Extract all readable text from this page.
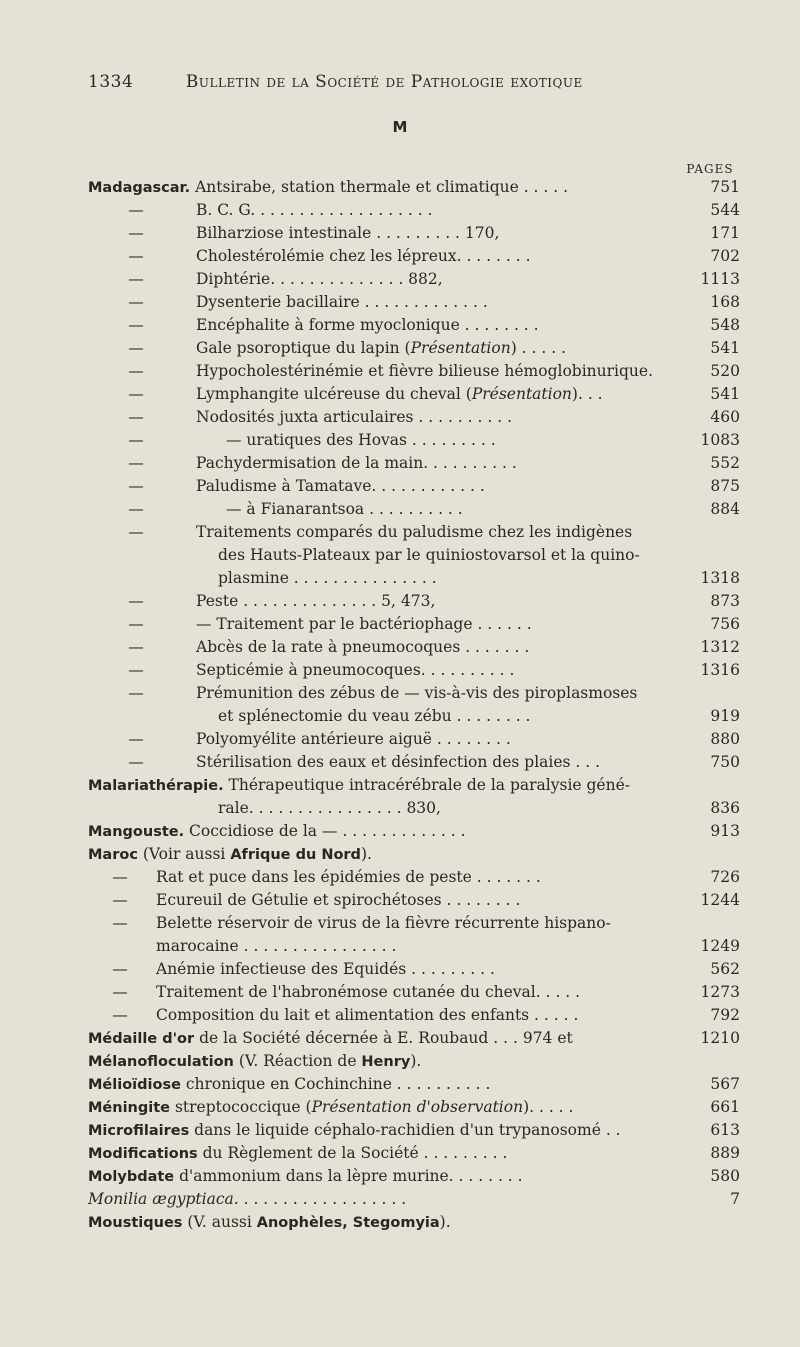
1334	Bulletin de la Société de Pathologie exotique
M
PAGES
Madagascar. Antsirabe, station thermale et climatique . . . . .	751
—	B. C. G. . . . . . . . . . . . . . . . . . .	544
—	Bilharziose intestinale . . . . . . . . . 170,	171
—	Cholestérolémie chez les lépreux. . . . . . . .	702
—	Diphtérie. . . . . . . . . . . . . . 882,	1113
—	Dysenterie bacillaire . . . . . . . . . . . . .	168
—	Encéphalite à forme myoclonique . . . . . . . .	548
—	Gale psoroptique du lapin (Présentation) . . . . .	541
—	Hypocholestérinémie et fièvre bilieuse hémoglobinurique.	520
—	Lymphangite ulcéreuse du cheval (Présentation). . .	541
—	Nodosités juxta articulaires . . . . . . . . . .	460
—	— uratiques des Hovas . . . . . . . . .	1083
—	Pachydermisation de la main. . . . . . . . . .	552
—	Paludisme à Tamatave. . . . . . . . . . . .	875
—	— à Fianarantsoa . . . . . . . . . .	884
—	Traitements comparés du paludisme chez les indigènes
des Hauts-Plateaux par le quiniostovarsol et la quino-
plasmine . . . . . . . . . . . . . . .	1318
—	Peste . . . . . . . . . . . . . . 5, 473,	873
—	— Traitement par le bactériophage . . . . . .	756
—	Abcès de la rate à pneumocoques . . . . . . .	1312
—	Septicémie à pneumocoques. . . . . . . . . .	1316
—	Prémunition des zébus de — vis-à-vis des piroplasmoses
et splénectomie du veau zébu . . . . . . . .	919
—	Polyomyélite antérieure aiguë . . . . . . . .	880
—	Stérilisation des eaux et désinfection des plaies . . .	750
Malariathérapie. Thérapeutique intracérébrale de la paralysie géné-
rale. . . . . . . . . . . . . . . . 830,	836
Mangouste. Coccidiose de la — . . . . . . . . . . . . .	913
Maroc (Voir aussi Afrique du Nord).
—	Rat et puce dans les épidémies de peste . . . . . . .	726
—	Ecureuil de Gétulie et spirochétoses . . . . . . . .	1244
—	Belette réservoir de virus de la fièvre récurrente hispano-
marocaine . . . . . . . . . . . . . . . .	1249
—	Anémie infectieuse des Equidés . . . . . . . . .	562
—	Traitement de l'habronémose cutanée du cheval. . . . .	1273
—	Composition du lait et alimentation des enfants . . . . .	792
Médaille d'or de la Société décernée à E. Roubaud . . . 974 et	1210
Mélanofloculation (V. Réaction de Henry).
Mélioïdiose chronique en Cochinchine . . . . . . . . . .	567
Méningite streptococcique (Présentation d'observation). . . . .	661
Microfilaires dans le liquide céphalo-rachidien d'un trypanosomé . .	613
Modifications du Règlement de la Société . . . . . . . . .	889
Molybdate d'ammonium dans la lèpre murine. . . . . . . .	580
Monilia ægyptiaca. . . . . . . . . . . . . . . . . .	7
Moustiques (V. aussi Anophèles, Stegomyia).
